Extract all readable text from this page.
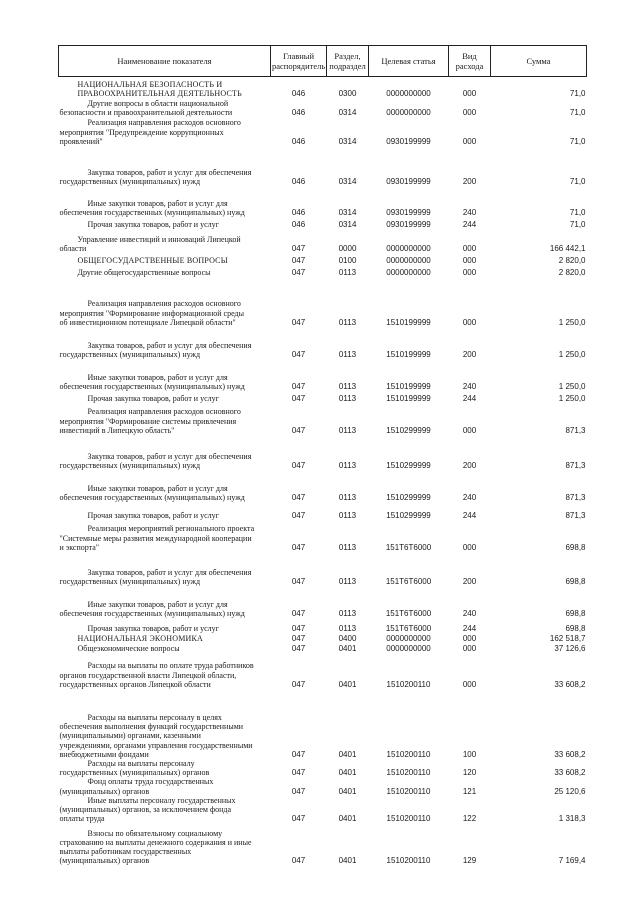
Наименование показателя	Главный распорядитель	Раздел, подраздел	Целевая статья	Вид расхода	Сумма

НАЦИОНАЛЬНАЯ БЕЗОПАСНОСТЬ И
ПРАВООХРАНИТЕЛЬНАЯ ДЕЯТЕЛЬНОСТЬ	046	0300	0000000000	000	71,0

Другие вопросы в области национальной
безопасности и правоохранительной деятельности	046	0314	0000000000	000	71,0

Реализация направления расходов основного
мероприятия "Предупреждение коррупционных
проявлений"	046	0314	0930199999	000	71,0

Закупка товаров, работ и услуг для обеспечения
государственных (муниципальных) нужд	046	0314	0930199999	200	71,0

Иные закупки товаров, работ и услуг для
обеспечения государственных (муниципальных) нужд	046	0314	0930199999	240	71,0

Прочая закупка товаров, работ и услуг	046	0314	0930199999	244	71,0

Управление инвестиций и инноваций Липецкой
области	047	0000	0000000000	000	166 442,1

ОБЩЕГОСУДАРСТВЕННЫЕ ВОПРОСЫ	047	0100	0000000000	000	2 820,0

Другие общегосударственные вопросы	047	0113	0000000000	000	2 820,0

Реализация направления расходов основного
мероприятия "Формирование информационной среды
об инвестиционном потенциале Липецкой области"	047	0113	1510199999	000	1 250,0

Закупка товаров, работ и услуг для обеспечения
государственных (муниципальных) нужд	047	0113	1510199999	200	1 250,0

Иные закупки товаров, работ и услуг для
обеспечения государственных (муниципальных) нужд	047	0113	1510199999	240	1 250,0

Прочая закупка товаров, работ и услуг	047	0113	1510199999	244	1 250,0

Реализация направления расходов основного
мероприятия "Формирование системы привлечения
инвестиций в Липецкую область"	047	0113	1510299999	000	871,3

Закупка товаров, работ и услуг для обеспечения
государственных (муниципальных) нужд	047	0113	1510299999	200	871,3

Иные закупки товаров, работ и услуг для
обеспечения государственных (муниципальных) нужд	047	0113	1510299999	240	871,3

Прочая закупка товаров, работ и услуг	047	0113	1510299999	244	871,3

Реализация мероприятий регионального проекта
"Системные меры развития международной кооперации
и экспорта"	047	0113	151Т6Т6000	000	698,8

Закупка товаров, работ и услуг для обеспечения
государственных (муниципальных) нужд	047	0113	151Т6Т6000	200	698,8

Иные закупки товаров, работ и услуг для
обеспечения государственных (муниципальных) нужд	047	0113	151Т6Т6000	240	698,8

Прочая закупка товаров, работ и услуг	047	0113	151Т6Т6000	244	698,8

НАЦИОНАЛЬНАЯ ЭКОНОМИКА	047	0400	0000000000	000	162 518,7

Общеэкономические вопросы	047	0401	0000000000	000	37 126,6

Расходы на выплаты по оплате труда работников
органов государственной власти Липецкой области,
государственных органов Липецкой области	047	0401	1510200110	000	33 608,2

Расходы на выплаты персоналу в целях
обеспечения выполнения функций государственными
(муниципальными) органами, казенными
учреждениями, органами управления государственными
внебюджетными фондами	047	0401	1510200110	100	33 608,2

Расходы на выплаты персоналу
государственных (муниципальных) органов	047	0401	1510200110	120	33 608,2

Фонд оплаты труда государственных
(муниципальных) органов	047	0401	1510200110	121	25 120,6

Иные выплаты персоналу государственных
(муниципальных) органов, за исключением фонда
оплаты труда	047	0401	1510200110	122	1 318,3

Взносы по обязательному социальному
страхованию на выплаты денежного содержания и иные
выплаты работникам государственных
(муниципальных) органов	047	0401	1510200110	129	7 169,4
